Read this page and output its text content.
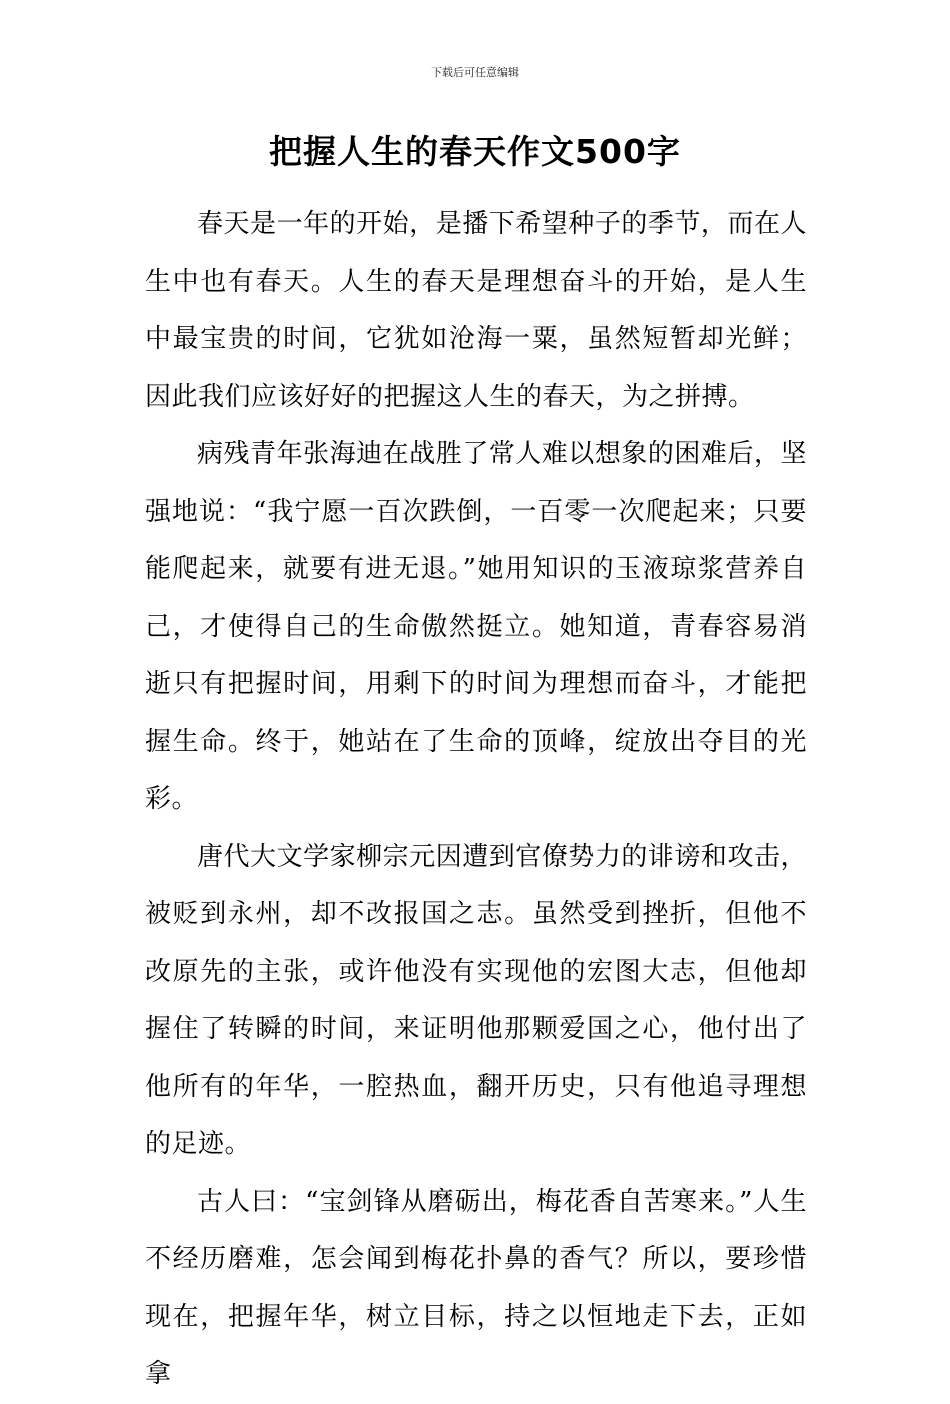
下载后可任意编辑
把握人生的春天作文500字

春天是一年的开始，是播下希望种子的季节，而在人生中也有春天。人生的春天是理想奋斗的开始，是人生中最宝贵的时间，它犹如沧海一粟，虽然短暂却光鲜；因此我们应该好好的把握这人生的春天，为之拼搏。

病残青年张海迪在战胜了常人难以想象的困难后，坚强地说：“我宁愿一百次跌倒，一百零一次爬起来；只要能爬起来，就要有进无退。”她用知识的玉液琼浆营养自己，才使得自己的生命傲然挺立。她知道，青春容易消逝只有把握时间，用剩下的时间为理想而奋斗，才能把握生命。终于，她站在了生命的顶峰，绽放出夺目的光彩。

唐代大文学家柳宗元因遭到官僚势力的诽谤和攻击，被贬到永州，却不改报国之志。虽然受到挫折，但他不改原先的主张，或许他没有实现他的宏图大志，但他却握住了转瞬的时间，来证明他那颗爱国之心，他付出了他所有的年华，一腔热血，翻开历史，只有他追寻理想的足迹。

古人曰：“宝剑锋从磨砺出，梅花香自苦寒来。”人生不经历磨难，怎会闻到梅花扑鼻的香气？所以，要珍惜现在，把握年华，树立目标，持之以恒地走下去，正如拿
